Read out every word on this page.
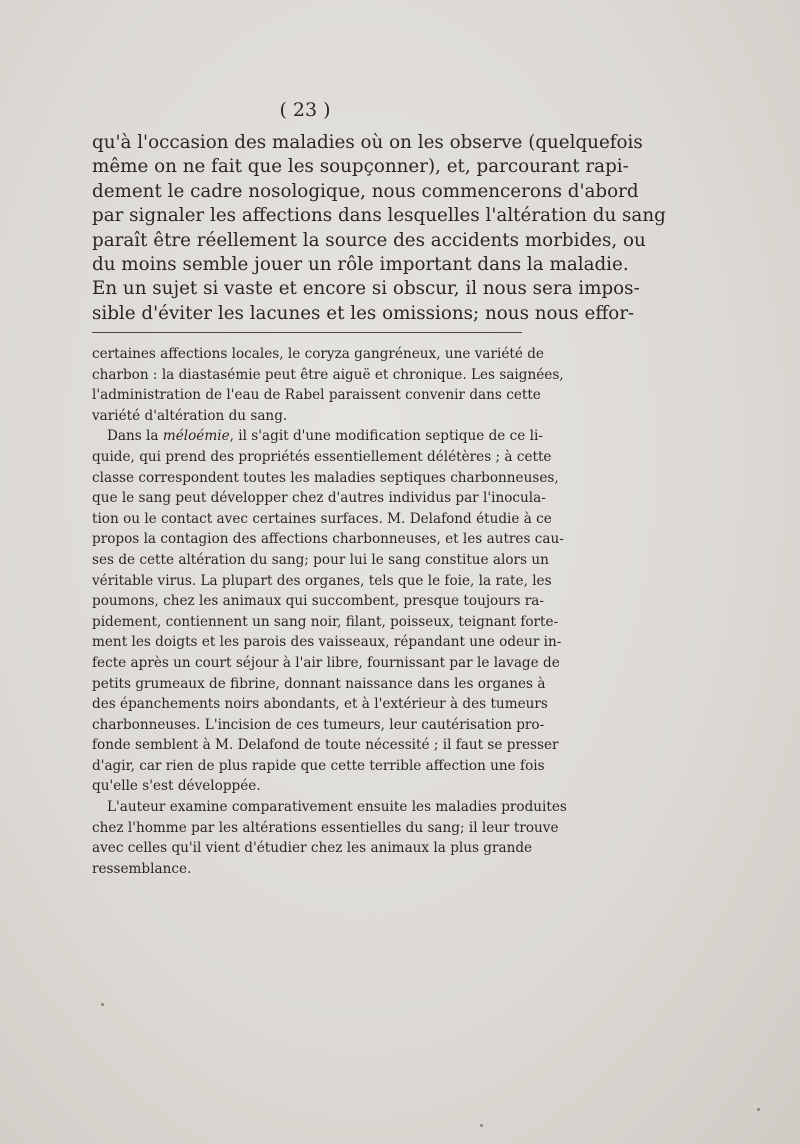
( 23 )
qu'à l'occasion des maladies où on les observe (quelquefois
même on ne fait que les soupçonner), et, parcourant rapi-
dement le cadre nosologique, nous commencerons d'abord
par signaler les affections dans lesquelles l'altération du sang
paraît être réellement la source des accidents morbides, ou
du moins semble jouer un rôle important dans la maladie.
En un sujet si vaste et encore si obscur, il nous sera impos-
sible d'éviter les lacunes et les omissions; nous nous effor-
certaines affections locales, le coryza gangréneux, une variété de
charbon : la diastasémie peut être aiguë et chronique. Les saignées,
l'administration de l'eau de Rabel paraissent convenir dans cette
variété d'altération du sang.
Dans la méloémie, il s'agit d'une modification septique de ce li-
quide, qui prend des propriétés essentiellement délétères ; à cette
classe correspondent toutes les maladies septiques charbonneuses,
que le sang peut développer chez d'autres individus par l'inocula-
tion ou le contact avec certaines surfaces. M. Delafond étudie à ce
propos la contagion des affections charbonneuses, et les autres cau-
ses de cette altération du sang; pour lui le sang constitue alors un
véritable virus. La plupart des organes, tels que le foie, la rate, les
poumons, chez les animaux qui succombent, presque toujours ra-
pidement, contiennent un sang noir, filant, poisseux, teignant forte-
ment les doigts et les parois des vaisseaux, répandant une odeur in-
fecte après un court séjour à l'air libre, fournissant par le lavage de
petits grumeaux de fibrine, donnant naissance dans les organes à
des épanchements noirs abondants, et à l'extérieur à des tumeurs
charbonneuses. L'incision de ces tumeurs, leur cautérisation pro-
fonde semblent à M. Delafond de toute nécessité ; il faut se presser
d'agir, car rien de plus rapide que cette terrible affection une fois
qu'elle s'est développée.
L'auteur examine comparativement ensuite les maladies produites
chez l'homme par les altérations essentielles du sang; il leur trouve
avec celles qu'il vient d'étudier chez les animaux la plus grande
ressemblance.
